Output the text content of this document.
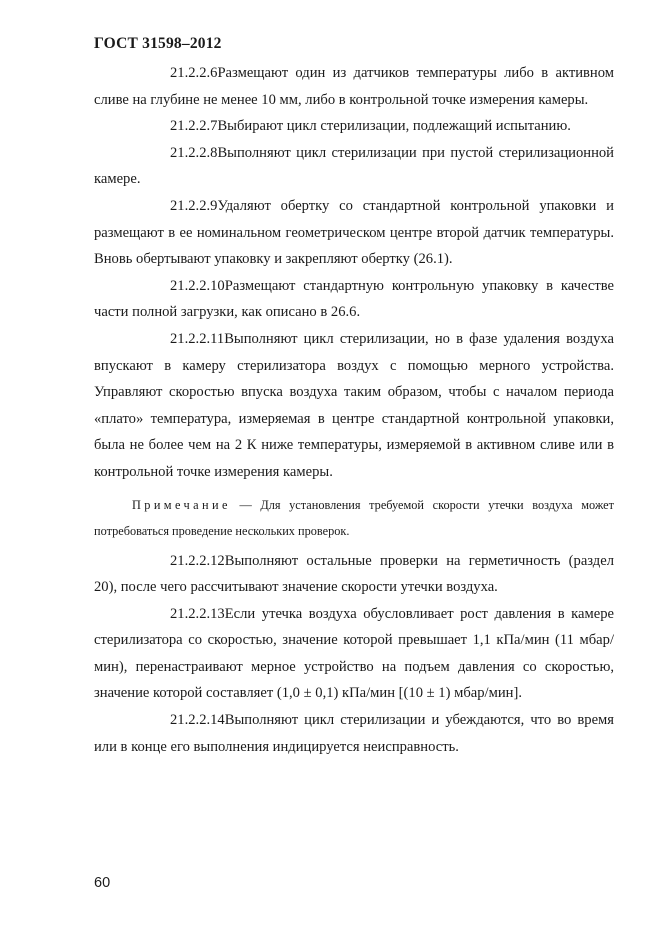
ГОСТ 31598–2012

21.2.2.6Размещают один из датчиков температуры либо в активном сливе на глубине не менее 10 мм, либо в контрольной точке измерения камеры.

21.2.2.7Выбирают цикл стерилизации, подлежащий испытанию.

21.2.2.8Выполняют цикл стерилизации при пустой стерилизационной камере.

21.2.2.9Удаляют обертку со стандартной контрольной упаковки и размещают в ее номинальном геометрическом центре второй датчик температуры. Вновь обертывают упаковку и закрепляют обертку (26.1).

21.2.2.10Размещают стандартную контрольную упаковку в качестве части полной загрузки, как описано в 26.6.

21.2.2.11Выполняют цикл стерилизации, но в фазе удаления воздуха впускают в камеру стерилизатора воздух с помощью мерного устройства. Управляют скоростью впуска воздуха таким образом, чтобы с началом периода «плато» температура, измеряемая в центре стандартной контрольной упаковки, была не более чем на 2 К ниже температуры, измеряемой в активном сливе или в контрольной точке измерения камеры.

Примечание — Для установления требуемой скорости утечки воздуха может потребоваться проведение нескольких проверок.

21.2.2.12Выполняют остальные проверки на герметичность (раздел 20), после чего рассчитывают значение скорости утечки воздуха.

21.2.2.13Если утечка воздуха обусловливает рост давления в камере стерилизатора со скоростью, значение которой превышает 1,1 кПа/мин (11 мбар/мин), перенастраивают мерное устройство на подъем давления со скоростью, значение которой составляет (1,0 ± 0,1) кПа/мин [(10 ± 1) мбар/мин].

21.2.2.14Выполняют цикл стерилизации и убеждаются, что во время или в конце его выполнения индицируется неисправность.

60
